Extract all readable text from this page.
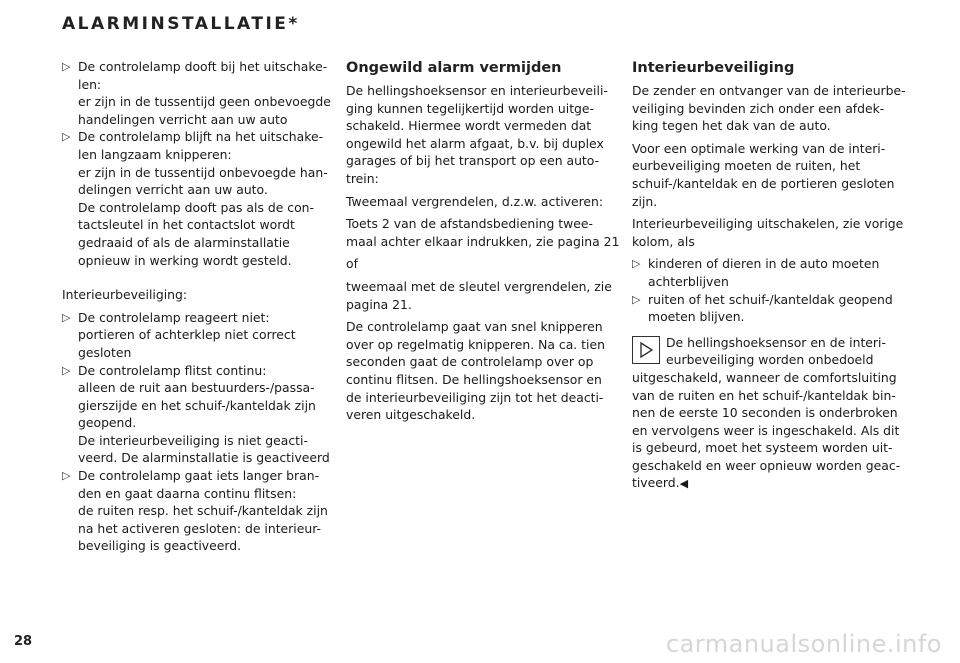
ALARMINSTALLATIE*
▷ De controlelamp dooft bij het uitschake-
len:
er zijn in de tussentijd geen onbevoegde
handelingen verricht aan uw auto
▷ De controlelamp blijft na het uitschake-
len langzaam knipperen:
er zijn in de tussentijd onbevoegde han-
delingen verricht aan uw auto.
De controlelamp dooft pas als de con-
tactsleutel in het contactslot wordt
gedraaid of als de alarminstallatie
opnieuw in werking wordt gesteld.

Interieurbeveiliging:

▷ De controlelamp reageert niet:
portieren of achterklep niet correct
gesloten
▷ De controlelamp flitst continu:
alleen de ruit aan bestuurders-/passa-
gierszijde en het schuif-/kanteldak zijn
geopend.
De interieurbeveiliging is niet geacti-
veerd. De alarminstallatie is geactiveerd
▷ De controlelamp gaat iets langer bran-
den en gaat daarna continu flitsen:
de ruiten resp. het schuif-/kanteldak zijn
na het activeren gesloten: de interieur-
beveiliging is geactiveerd.
Ongewild alarm vermijden

De hellingshoeksensor en interieurbeveili-
ging kunnen tegelijkertijd worden uitge-
schakeld. Hiermee wordt vermeden dat
ongewild het alarm afgaat, b.v. bij duplex
garages of bij het transport op een auto-
trein:

Tweemaal vergrendelen, d.z.w. activeren:

Toets 2 van de afstandsbediening twee-
maal achter elkaar indrukken, zie pagina 21

of

tweemaal met de sleutel vergrendelen, zie
pagina 21.

De controlelamp gaat van snel knipperen
over op regelmatig knipperen. Na ca. tien
seconden gaat de controlelamp over op
continu flitsen. De hellingshoeksensor en
de interieurbeveiliging zijn tot het deacti-
veren uitgeschakeld.

Interieurbeveiliging

De zender en ontvanger van de interieurbe-
veiliging bevinden zich onder een afdek-
king tegen het dak van de auto.

Voor een optimale werking van de interi-
eurbeveiliging moeten de ruiten, het
schuif-/kanteldak en de portieren gesloten
zijn.

Interieurbeveiliging uitschakelen, zie vorige
kolom, als

▷ kinderen of dieren in de auto moeten
achterblijven
▷ ruiten of het schuif-/kanteldak geopend
moeten blijven.
De hellingshoeksensor en de interi-
eurbeveiliging worden onbedoeld
uitgeschakeld, wanneer de comfortsluiting
van de ruiten en het schuif-/kanteldak bin-
nen de eerste 10 seconden is onderbroken
en vervolgens weer is ingeschakeld. Als dit
is gebeurd, moet het systeem worden uit-
geschakeld en weer opnieuw worden geac-
tiveerd.◀
28	carmanualsonline.info
